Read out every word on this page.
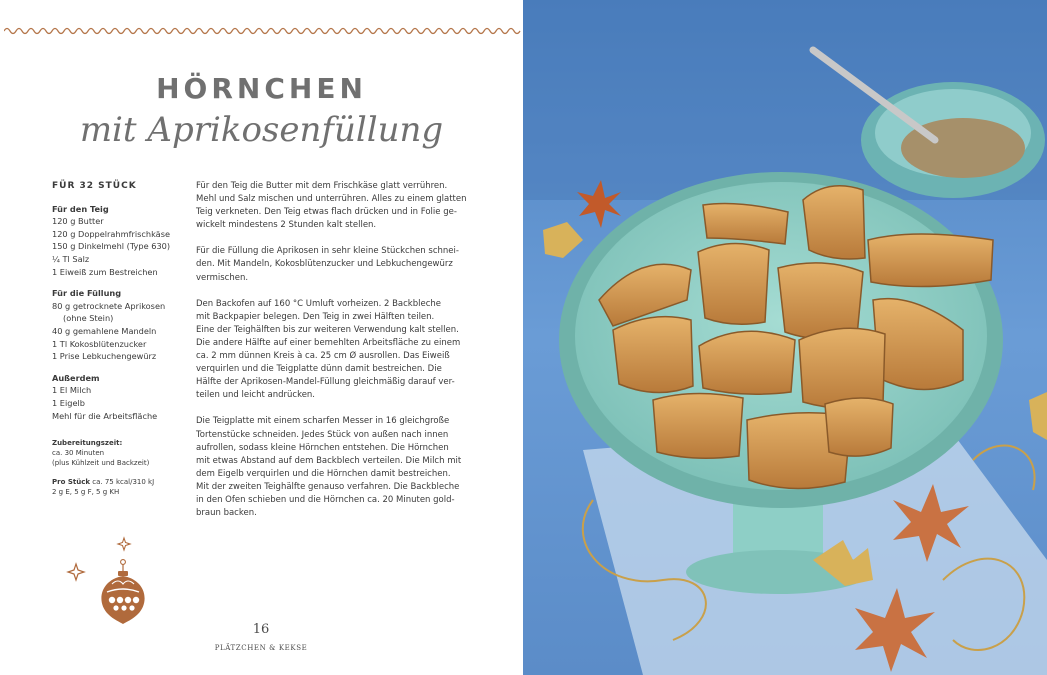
HÖRNCHEN
mit Aprikosenfüllung
FÜR 32 STÜCK
Für den Teig
120 g Butter
120 g Doppelrahmfrischkäse
150 g Dinkelmehl (Type 630)
¼ Tl Salz
1 Eiweiß zum Bestreichen
Für die Füllung
80 g getrocknete Aprikosen
(ohne Stein)
40 g gemahlene Mandeln
1 Tl Kokosblütenzucker
1 Prise Lebkuchengewürz
Außerdem
1 El Milch
1 Eigelb
Mehl für die Arbeitsfläche
Zubereitungszeit:
ca. 30 Minuten
(plus Kühlzeit und Backzeit)
Pro Stück ca. 75 kcal/310 kJ
2 g E, 5 g F, 5 g KH

Für den Teig die Butter mit dem Frischkäse glatt verrühren.
Mehl und Salz mischen und unterrühren. Alles zu einem glatten
Teig verkneten. Den Teig etwas flach drücken und in Folie ge-
wickelt mindestens 2 Stunden kalt stellen.

Für die Füllung die Aprikosen in sehr kleine Stückchen schnei-
den. Mit Mandeln, Kokosblütenzucker und Lebkuchengewürz
vermischen.

Den Backofen auf 160 °C Umluft vorheizen. 2 Backbleche
mit Backpapier belegen. Den Teig in zwei Hälften teilen.
Eine der Teighälften bis zur weiteren Verwendung kalt stellen.
Die andere Hälfte auf einer bemehlten Arbeitsfläche zu einem
ca. 2 mm dünnen Kreis à ca. 25 cm Ø ausrollen. Das Eiweiß
verquirlen und die Teigplatte dünn damit bestreichen. Die
Hälfte der Aprikosen-Mandel-Füllung gleichmäßig darauf ver-
teilen und leicht andrücken.

Die Teigplatte mit einem scharfen Messer in 16 gleichgroße
Tortenstücke schneiden. Jedes Stück von außen nach innen
aufrollen, sodass kleine Hörnchen entstehen. Die Hörnchen
mit etwas Abstand auf dem Backblech verteilen. Die Milch mit
dem Eigelb verquirlen und die Hörnchen damit bestreichen.
Mit der zweiten Teighälfte genauso verfahren. Die Backbleche
in den Ofen schieben und die Hörnchen ca. 20 Minuten gold-
braun backen.

16
PLÄTZCHEN & KEKSE
